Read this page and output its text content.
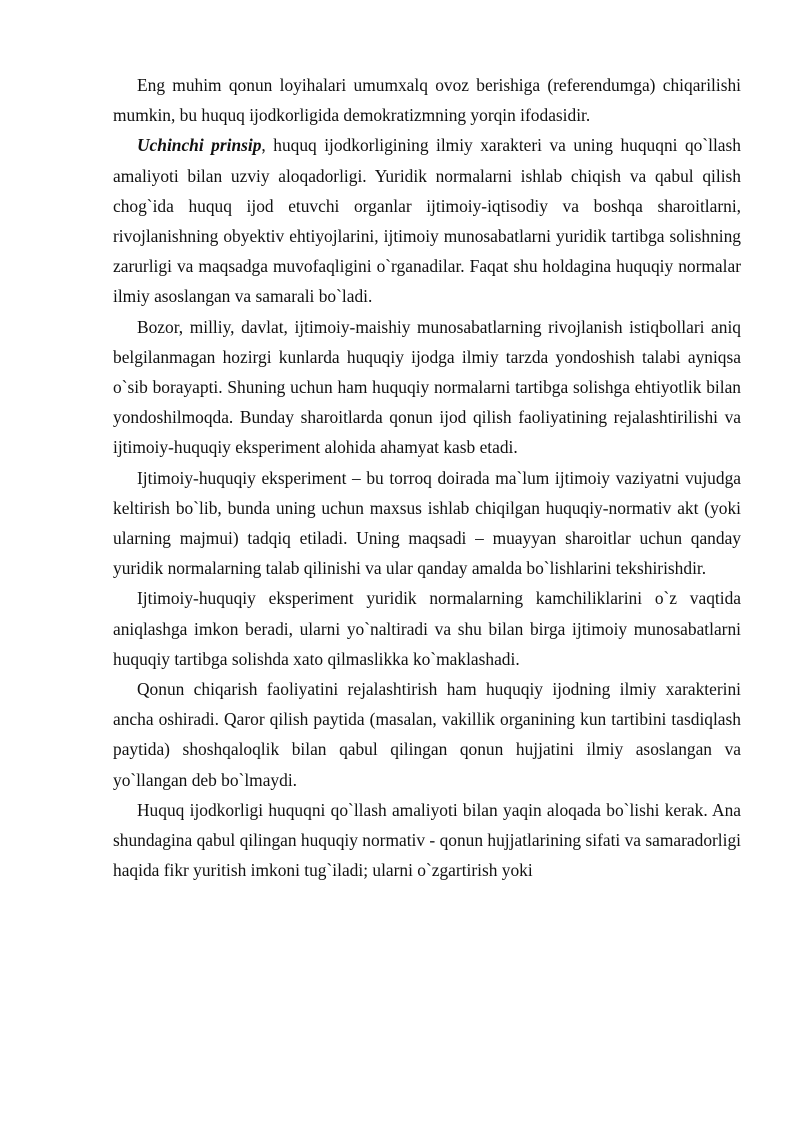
Eng muhim qonun loyihalari umumxalq ovoz berishiga (referendumga) chiqarilishi mumkin, bu huquq ijodkorligida demokratizmning yorqin ifodasidir.

Uchinchi prinsip, huquq ijodkorligining ilmiy xarakteri va uning huquqni qo`llash amaliyoti bilan uzviy aloqadorligi. Yuridik normalarni ishlab chiqish va qabul qilish chog`ida huquq ijod etuvchi organlar ijtimoiy-iqtisodiy va boshqa sharoitlarni, rivojlanishning obyektiv ehtiyojlarini, ijtimoiy munosabatlarni yuridik tartibga solishning zarurligi va maqsadga muvofaqligini o`rganadilar. Faqat shu holdagina huquqiy normalar ilmiy asoslangan va samarali bo`ladi.

Bozor, milliy, davlat, ijtimoiy-maishiy munosabatlarning rivojlanish istiqbollari aniq belgilanmagan hozirgi kunlarda huquqiy ijodga ilmiy tarzda yondoshish talabi ayniqsa o`sib borayapti. Shuning uchun ham huquqiy normalarni tartibga solishga ehtiyotlik bilan yondoshilmoqda. Bunday sharoitlarda qonun ijod qilish faoliyatining rejalashtirilishi va ijtimoiy-huquqiy eksperiment alohida ahamyat kasb etadi.

Ijtimoiy-huquqiy eksperiment – bu torroq doirada ma`lum ijtimoiy vaziyatni vujudga keltirish bo`lib, bunda uning uchun maxsus ishlab chiqilgan huquqiy-normativ akt (yoki ularning majmui) tadqiq etiladi. Uning maqsadi – muayyan sharoitlar uchun qanday yuridik normalarning talab qilinishi va ular qanday amalda bo`lishlarini tekshirishdir.

Ijtimoiy-huquqiy eksperiment yuridik normalarning kamchiliklarini o`z vaqtida aniqlashga imkon beradi, ularni yo`naltiradi va shu bilan birga ijtimoiy munosabatlarni huquqiy tartibga solishda xato qilmaslikka ko`maklashadi.

Qonun chiqarish faoliyatini rejalashtirish ham huquqiy ijodning ilmiy xarakterini ancha oshiradi. Qaror qilish paytida (masalan, vakillik organining kun tartibini tasdiqlash paytida) shoshqaloqlik bilan qabul qilingan qonun hujjatini ilmiy asoslangan va yo`llangan deb bo`lmaydi.

Huquq ijodkorligi huquqni qo`llash amaliyoti bilan yaqin aloqada bo`lishi kerak. Ana shundagina qabul qilingan huquqiy normativ - qonun hujjatlarining sifati va samaradorligi haqida fikr yuritish imkoni tug`iladi; ularni o`zgartirish yoki
